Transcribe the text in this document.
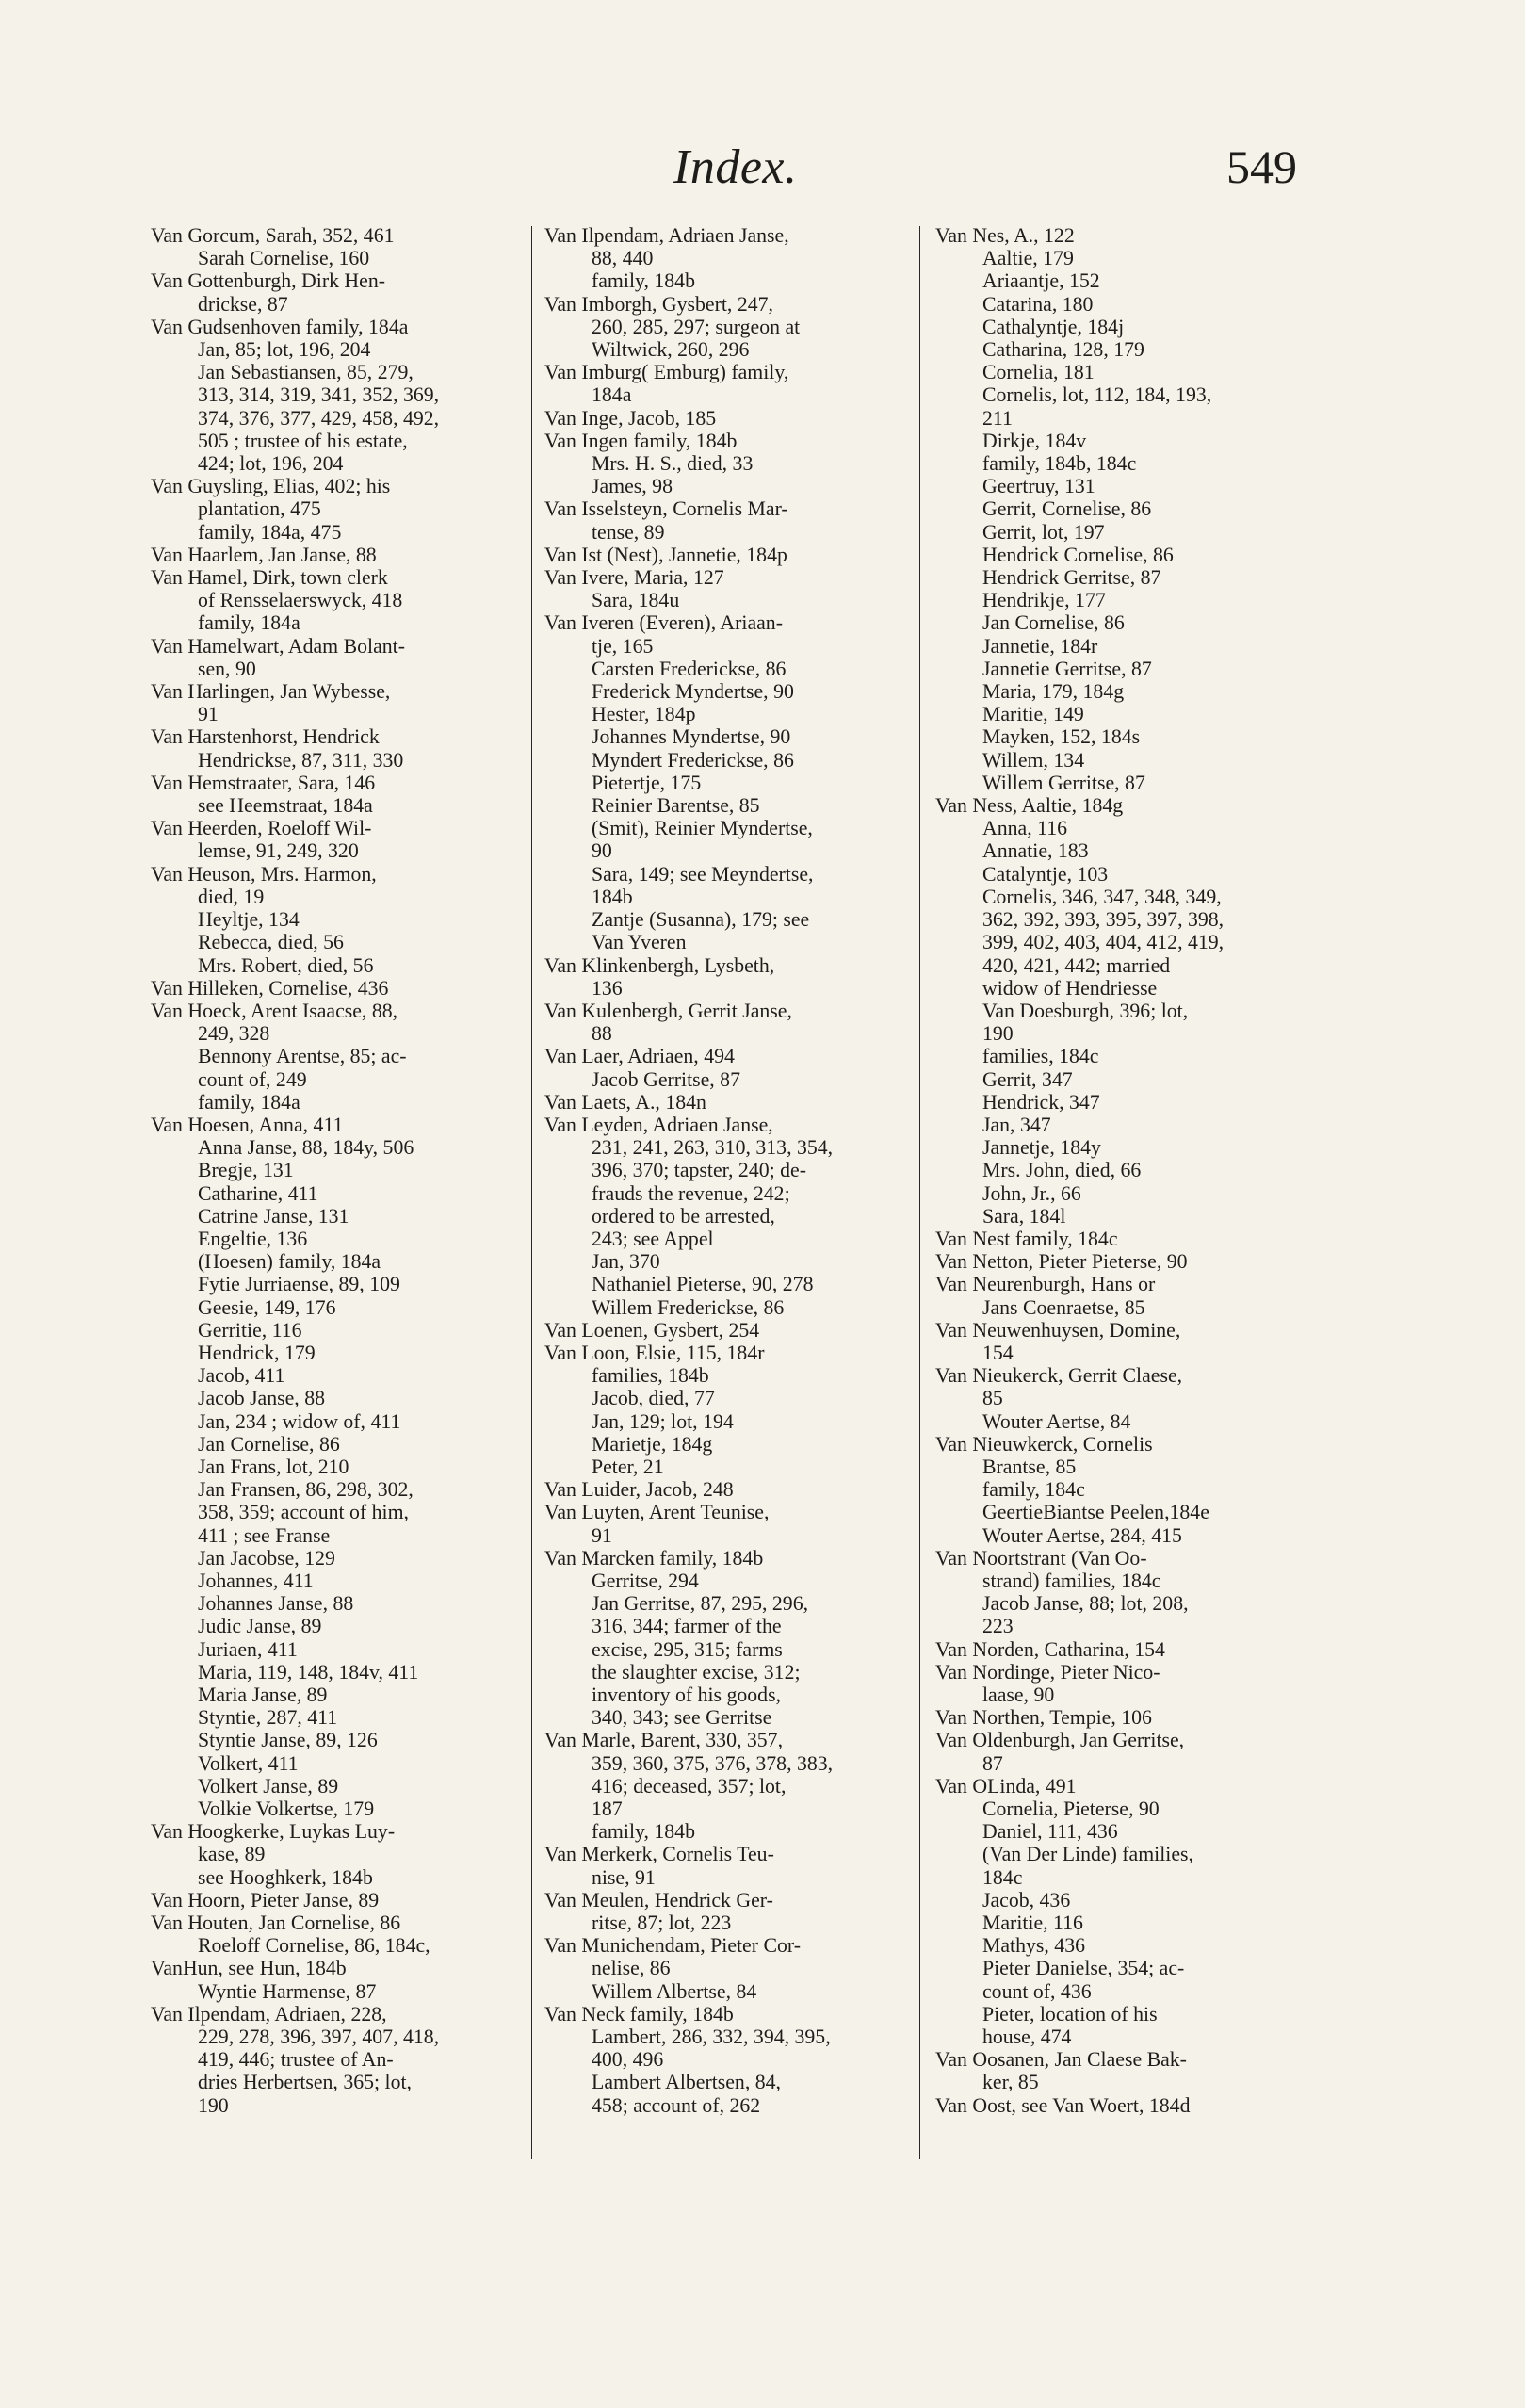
Index.	549
Van Gorcum, Sarah, 352, 461
Sarah Cornelise, 160
Van Gottenburgh, Dirk Hen-
drickse, 87
Van Gudsenhoven family, 184a
Jan, 85; lot, 196, 204
Jan Sebastiansen, 85, 279,
313, 314, 319, 341, 352, 369,
374, 376, 377, 429, 458, 492,
505 ; trustee of his estate,
424; lot, 196, 204
Van Guysling, Elias, 402; his
plantation, 475
family, 184a, 475
Van Haarlem, Jan Janse, 88
Van Hamel, Dirk, town clerk
of Rensselaerswyck, 418
family, 184a
Van Hamelwart, Adam Bolant-
sen, 90
Van Harlingen, Jan Wybesse,
91
Van Harstenhorst, Hendrick
Hendrickse, 87, 311, 330
Van Hemstraater, Sara, 146
see Heemstraat, 184a
Van Heerden, Roeloff Wil-
lemse, 91, 249, 320
Van Heuson, Mrs. Harmon,
died, 19
Heyltje, 134
Rebecca, died, 56
Mrs. Robert, died, 56
Van Hilleken, Cornelise, 436
Van Hoeck, Arent Isaacse, 88,
249, 328
Bennony Arentse, 85; ac-
count of, 249
family, 184a
Van Hoesen, Anna, 411
Anna Janse, 88, 184y, 506
Bregje, 131
Catharine, 411
Catrine Janse, 131
Engeltie, 136
(Hoesen) family, 184a
Fytie Jurriaense, 89, 109
Geesie, 149, 176
Gerritie, 116
Hendrick, 179
Jacob, 411
Jacob Janse, 88
Jan, 234 ; widow of, 411
Jan Cornelise, 86
Jan Frans, lot, 210
Jan Fransen, 86, 298, 302,
358, 359; account of him,
411 ; see Franse
Jan Jacobse, 129
Johannes, 411
Johannes Janse, 88
Judic Janse, 89
Juriaen, 411
Maria, 119, 148, 184v, 411
Maria Janse, 89
Styntie, 287, 411
Styntie Janse, 89, 126
Volkert, 411
Volkert Janse, 89
Volkie Volkertse, 179
Van Hoogkerke, Luykas Luy-
kase, 89
see Hooghkerk, 184b
Van Hoorn, Pieter Janse, 89
Van Houten, Jan Cornelise, 86
Roeloff Cornelise, 86, 184c,
VanHun, see Hun, 184b
Wyntie Harmense, 87
Van Ilpendam, Adriaen, 228,
229, 278, 396, 397, 407, 418,
419, 446; trustee of An-
dries Herbertsen, 365; lot,
190
Van Ilpendam, Adriaen Janse,
88, 440
family, 184b
Van Imborgh, Gysbert, 247,
260, 285, 297; surgeon at
Wiltwick, 260, 296
Van Imburg( Emburg) family,
184a
Van Inge, Jacob, 185
Van Ingen family, 184b
Mrs. H. S., died, 33
James, 98
Van Isselsteyn, Cornelis Mar-
tense, 89
Van Ist (Nest), Jannetie, 184p
Van Ivere, Maria, 127
Sara, 184u
Van Iveren (Everen), Ariaan-
tje, 165
Carsten Frederickse, 86
Frederick Myndertse, 90
Hester, 184p
Johannes Myndertse, 90
Myndert Frederickse, 86
Pietertje, 175
Reinier Barentse, 85
(Smit), Reinier Myndertse,
90
Sara, 149; see Meyndertse,
184b
Zantje (Susanna), 179; see
Van Yveren
Van Klinkenbergh, Lysbeth,
136
Van Kulenbergh, Gerrit Janse,
88
Van Laer, Adriaen, 494
Jacob Gerritse, 87
Van Laets, A., 184n
Van Leyden, Adriaen Janse,
231, 241, 263, 310, 313, 354,
396, 370; tapster, 240; de-
frauds the revenue, 242;
ordered to be arrested,
243; see Appel
Jan, 370
Nathaniel Pieterse, 90, 278
Willem Frederickse, 86
Van Loenen, Gysbert, 254
Van Loon, Elsie, 115, 184r
families, 184b
Jacob, died, 77
Jan, 129; lot, 194
Marietje, 184g
Peter, 21
Van Luider, Jacob, 248
Van Luyten, Arent Teunise,
91
Van Marcken family, 184b
Gerritse, 294
Jan Gerritse, 87, 295, 296,
316, 344; farmer of the
excise, 295, 315; farms
the slaughter excise, 312;
inventory of his goods,
340, 343; see Gerritse
Van Marle, Barent, 330, 357,
359, 360, 375, 376, 378, 383,
416; deceased, 357; lot,
187
family, 184b
Van Merkerk, Cornelis Teu-
nise, 91
Van Meulen, Hendrick Ger-
ritse, 87; lot, 223
Van Munichendam, Pieter Cor-
nelise, 86
Willem Albertse, 84
Van Neck family, 184b
Lambert, 286, 332, 394, 395,
400, 496
Lambert Albertsen, 84,
458; account of, 262
Van Nes, A., 122
Aaltie, 179
Ariaantje, 152
Catarina, 180
Cathalyntje, 184j
Catharina, 128, 179
Cornelia, 181
Cornelis, lot, 112, 184, 193,
211
Dirkje, 184v
family, 184b, 184c
Geertruy, 131
Gerrit, Cornelise, 86
Gerrit, lot, 197
Hendrick Cornelise, 86
Hendrick Gerritse, 87
Hendrikje, 177
Jan Cornelise, 86
Jannetie, 184r
Jannetie Gerritse, 87
Maria, 179, 184g
Maritie, 149
Mayken, 152, 184s
Willem, 134
Willem Gerritse, 87
Van Ness, Aaltie, 184g
Anna, 116
Annatie, 183
Catalyntje, 103
Cornelis, 346, 347, 348, 349,
362, 392, 393, 395, 397, 398,
399, 402, 403, 404, 412, 419,
420, 421, 442; married
widow of Hendriesse
Van Doesburgh, 396; lot,
190
families, 184c
Gerrit, 347
Hendrick, 347
Jan, 347
Jannetje, 184y
Mrs. John, died, 66
John, Jr., 66
Sara, 184l
Van Nest family, 184c
Van Netton, Pieter Pieterse, 90
Van Neurenburgh, Hans or
Jans Coenraetse, 85
Van Neuwenhuysen, Domine,
154
Van Nieukerck, Gerrit Claese,
85
Wouter Aertse, 84
Van Nieuwkerck, Cornelis
Brantse, 85
family, 184c
GeertieBiantse Peelen,184e
Wouter Aertse, 284, 415
Van Noortstrant (Van Oo-
strand) families, 184c
Jacob Janse, 88; lot, 208,
223
Van Norden, Catharina, 154
Van Nordinge, Pieter Nico-
laase, 90
Van Northen, Tempie, 106
Van Oldenburgh, Jan Gerritse,
87
Van OLinda, 491
Cornelia, Pieterse, 90
Daniel, 111, 436
(Van Der Linde) families,
184c
Jacob, 436
Maritie, 116
Mathys, 436
Pieter Danielse, 354; ac-
count of, 436
Pieter, location of his
house, 474
Van Oosanen, Jan Claese Bak-
ker, 85
Van Oost, see Van Woert, 184d
